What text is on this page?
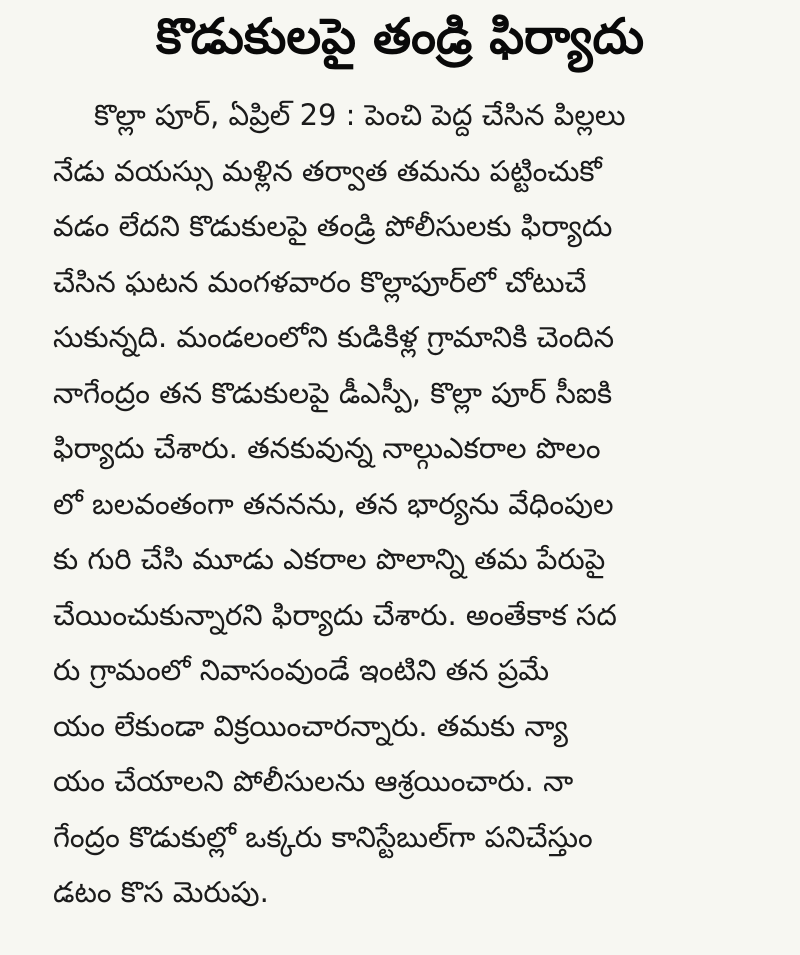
కొడుకులపై తండ్రి ఫిర్యాదు
కొల్లా పూర్, ఏప్రిల్ 29 : పెంచి పెద్ద చేసిన పిల్లలు
నేడు వయస్సు మళ్లిన తర్వాత తమను పట్టించుకో
వడం లేదని కొడుకులపై తండ్రి పోలీసులకు ఫిర్యాదు
చేసిన ఘటన మంగళవారం కొల్లాపూర్‌లో చోటుచే
సుకున్నది. మండలంలోని కుడికిళ్ల గ్రామానికి చెందిన
నాగేంద్రం తన కొడుకులపై డీఎస్పీ, కొల్లా పూర్ సీఐకి
ఫిర్యాదు చేశారు. తనకువున్న నాల్గుఎకరాల పొలం
లో బలవంతంగా తననను, తన భార్యను వేధింపుల
కు గురి చేసి మూడు ఎకరాల పొలాన్ని తమ పేరుపై
చేయించుకున్నారని ఫిర్యాదు చేశారు. అంతేకాక సద
రు గ్రామంలో నివాసంవుండే ఇంటిని తన ప్రమే
యం లేకుండా విక్రయించారన్నారు. తమకు న్యా
యం చేయాలని పోలీసులను ఆశ్రయించారు. నా
గేంద్రం కొడుకుల్లో ఒక్కరు కానిస్టేబుల్‌గా పనిచేస్తుం
డటం కొస మెరుపు.
